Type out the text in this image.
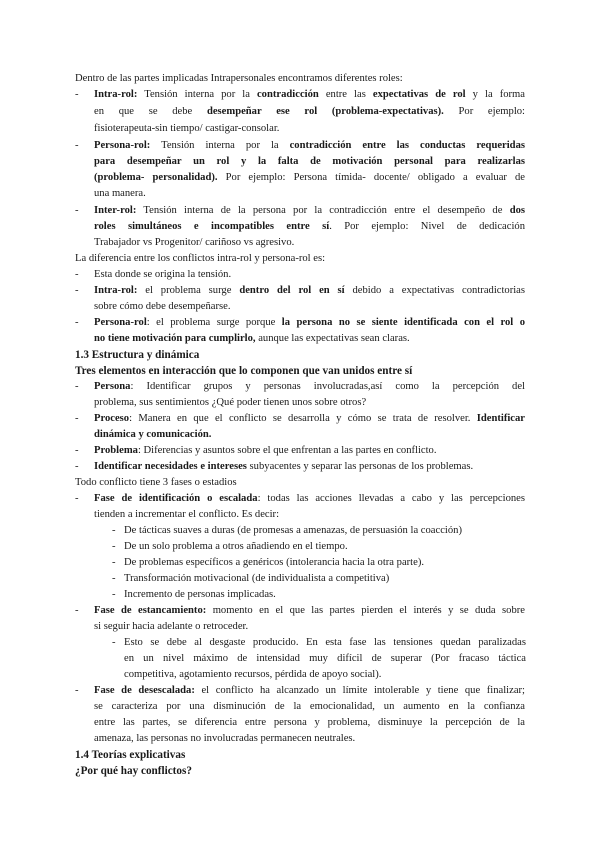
Dentro de las partes implicadas Intrapersonales encontramos diferentes roles:
- Intra-rol: Tensión interna por la contradicción entre las expectativas de rol y la forma
en que se debe desempeñar ese rol (problema-expectativas). Por ejemplo:
fisioterapeuta-sin tiempo/ castigar-consolar.
- Persona-rol: Tensión interna por la contradicción entre las conductas requeridas
para desempeñar un rol y la falta de motivación personal para realizarlas
(problema- personalidad). Por ejemplo: Persona tímida- docente/ obligado a evaluar de
una manera.
- Inter-rol: Tensión interna de la persona por la contradicción entre el desempeño de dos
roles simultáneos e incompatibles entre sí. Por ejemplo: Nivel de dedicación
Trabajador vs Progenitor/ cariñoso vs agresivo.
La diferencia entre los conflictos intra-rol y persona-rol es:
- Esta donde se origina la tensión.
- Intra-rol: el problema surge dentro del rol en sí debido a expectativas contradictorias
sobre cómo debe desempeñarse.
- Persona-rol: el problema surge porque la persona no se siente identificada con el rol o
no tiene motivación para cumplirlo, aunque las expectativas sean claras.
1.3 Estructura y dinámica
Tres elementos en interacción que lo componen que van unidos entre sí
- Persona: Identificar grupos y personas involucradas,así como la percepción del
problema, sus sentimientos ¿Qué poder tienen unos sobre otros?
- Proceso: Manera en que el conflicto se desarrolla y cómo se trata de resolver. Identificar
dinámica y comunicación.
- Problema: Diferencias y asuntos sobre el que enfrentan a las partes en conflicto.
- Identificar necesidades e intereses subyacentes y separar las personas de los problemas.
Todo conflicto tiene 3 fases o estadios
- Fase de identificación o escalada: todas las acciones llevadas a cabo y las percepciones
tienden a incrementar el conflicto. Es decir:
- De tácticas suaves a duras (de promesas a amenazas, de persuasión la coacción)
- De un solo problema a otros añadiendo en el tiempo.
- De problemas específicos a genéricos (intolerancia hacia la otra parte).
- Transformación motivacional (de individualista a competitiva)
- Incremento de personas implicadas.
- Fase de estancamiento: momento en el que las partes pierden el interés y se duda sobre
si seguir hacia adelante o retroceder.
- Esto se debe al desgaste producido. En esta fase las tensiones quedan paralizadas
en un nivel máximo de intensidad muy difícil de superar (Por fracaso táctica
competitiva, agotamiento recursos, pérdida de apoyo social).
- Fase de desescalada: el conflicto ha alcanzado un límite intolerable y tiene que finalizar;
se caracteriza por una disminución de la emocionalidad, un aumento en la confianza
entre las partes, se diferencia entre persona y problema, disminuye la percepción de la
amenaza, las personas no involucradas permanecen neutrales.
1.4 Teorías explicativas
¿Por qué hay conflictos?
